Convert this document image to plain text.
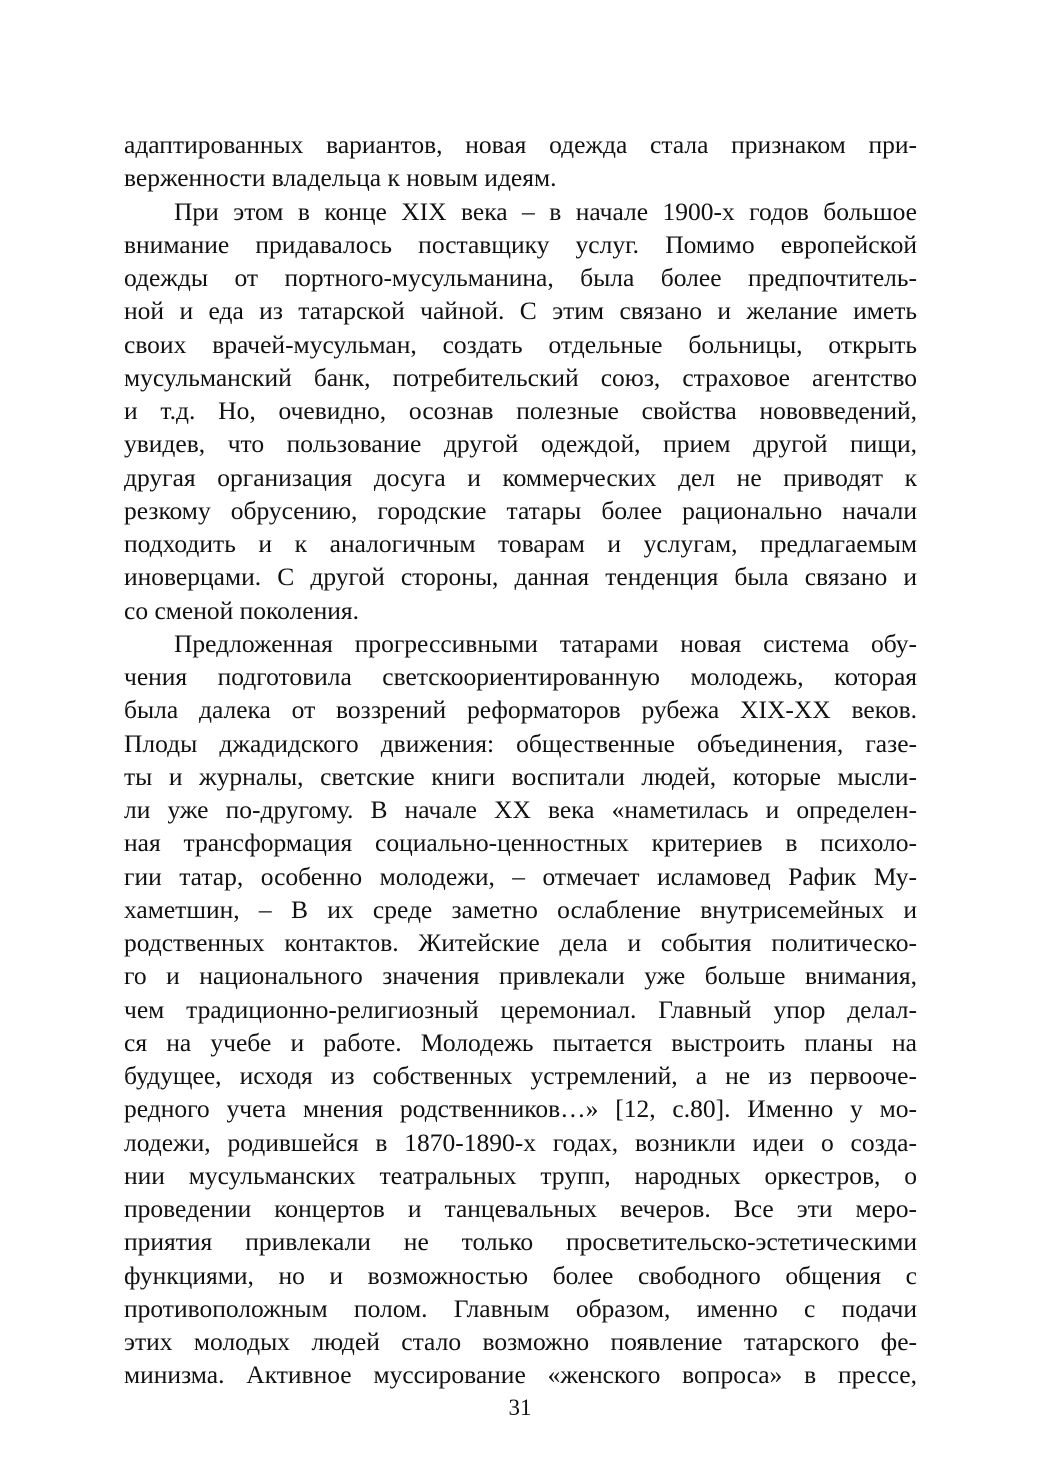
адаптированных вариантов, новая одежда стала признаком при-
верженности владельца к новым идеям.
При этом в конце XIX века – в начале 1900-х годов большое
внимание придавалось поставщику услуг. Помимо европейской
одежды от портного-мусульманина, была более предпочтитель-
ной и еда из татарской чайной. С этим связано и желание иметь
своих врачей-мусульман, создать отдельные больницы, открыть
мусульманский банк, потребительский союз, страховое агентство
и т.д. Но, очевидно, осознав полезные свойства нововведений,
увидев, что пользование другой одеждой, прием другой пищи,
другая организация досуга и коммерческих дел не приводят к
резкому обрусению, городские татары более рационально начали
подходить и к аналогичным товарам и услугам, предлагаемым
иноверцами. С другой стороны, данная тенденция была связано и
со сменой поколения.
Предложенная прогрессивными татарами новая система обу-
чения подготовила светскоориентированную молодежь, которая
была далека от воззрений реформаторов рубежа XIX-XX веков.
Плоды джадидского движения: общественные объединения, газе-
ты и журналы, светские книги воспитали людей, которые мысли-
ли уже по-другому. В начале XX века «наметилась и определен-
ная трансформация социально-ценностных критериев в психоло-
гии татар, особенно молодежи, – отмечает исламовед Рафик Му-
хаметшин, – В их среде заметно ослабление внутрисемейных и
родственных контактов. Житейские дела и события политическо-
го и национального значения привлекали уже больше внимания,
чем традиционно-религиозный церемониал. Главный упор делал-
ся на учебе и работе. Молодежь пытается выстроить планы на
будущее, исходя из собственных устремлений, а не из первооче-
редного учета мнения родственников…» [12, с.80]. Именно у мо-
лодежи, родившейся в 1870-1890-х годах, возникли идеи о созда-
нии мусульманских театральных трупп, народных оркестров, о
проведении концертов и танцевальных вечеров. Все эти меро-
приятия привлекали не только просветительско-эстетическими
функциями, но и возможностью более свободного общения с
противоположным полом. Главным образом, именно с подачи
этих молодых людей стало возможно появление татарского фе-
минизма. Активное муссирование «женского вопроса» в прессе,
31
